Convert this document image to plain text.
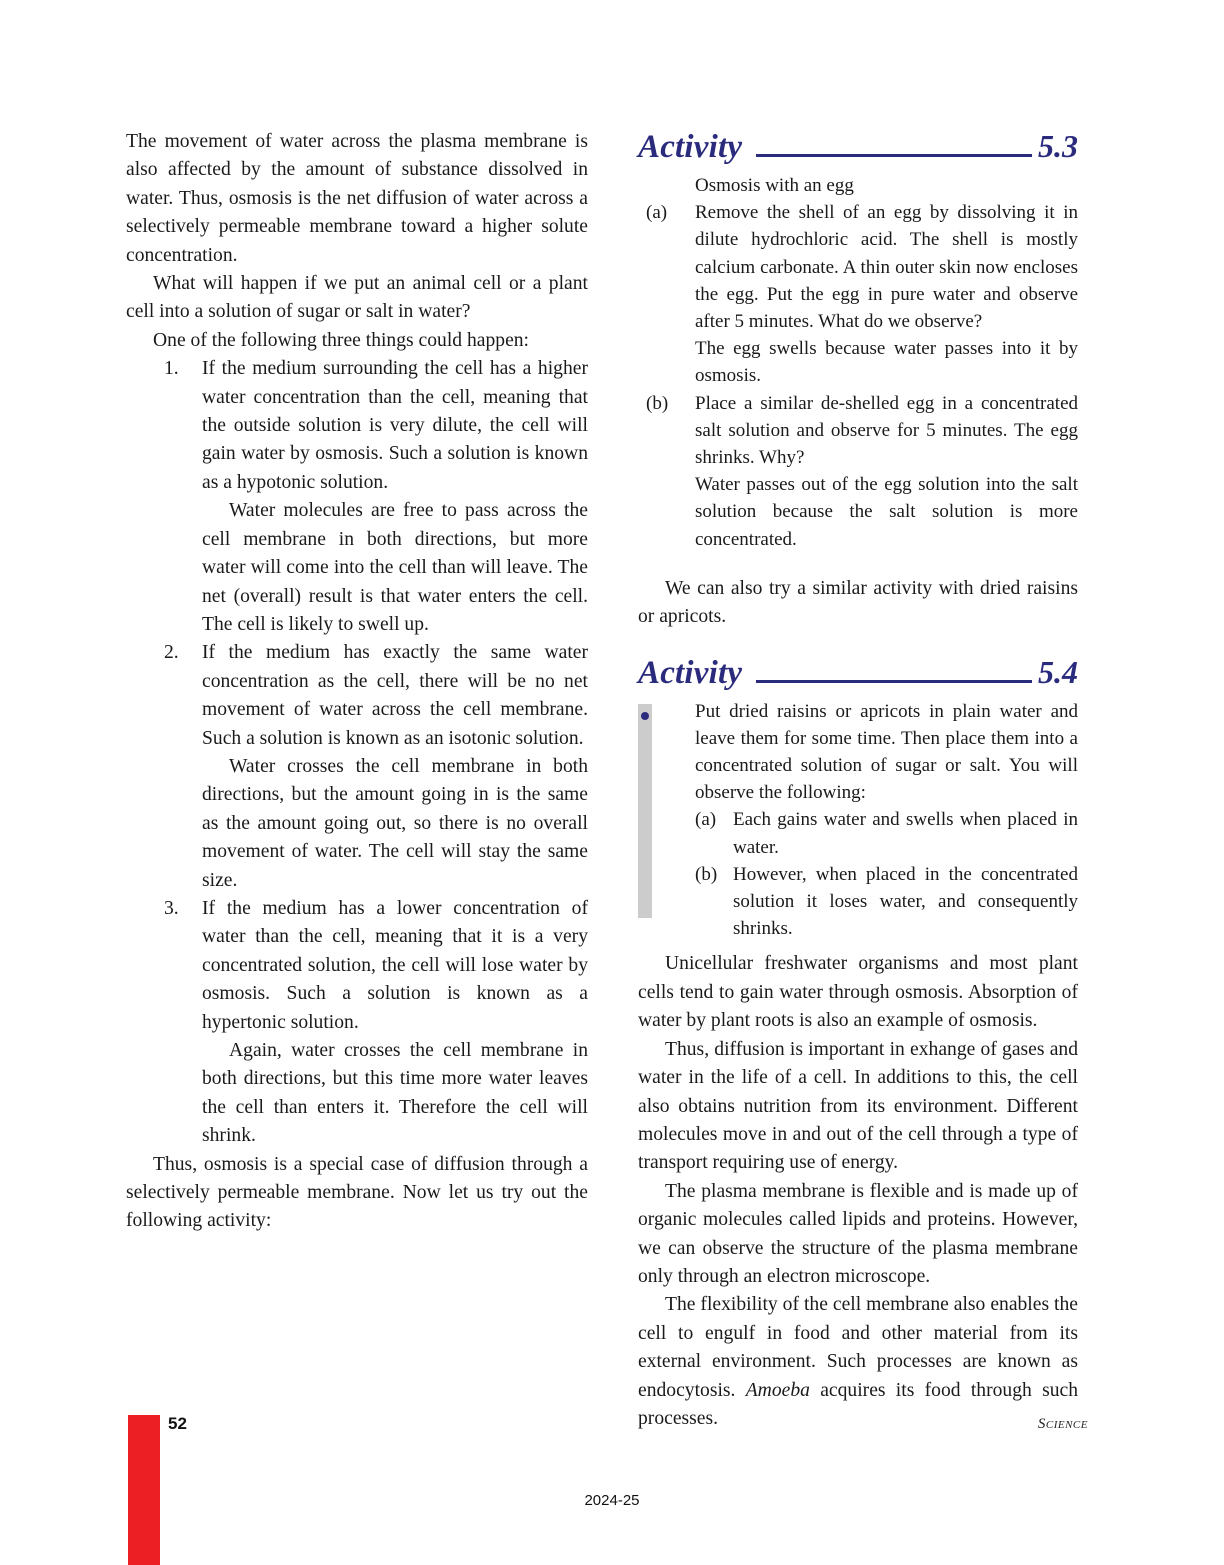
The movement of water across the plasma membrane is also affected by the amount of substance dissolved in water. Thus, osmosis is the net diffusion of water across a selectively permeable membrane toward a higher solute concentration.

What will happen if we put an animal cell or a plant cell into a solution of sugar or salt in water?

One of the following three things could happen:

1. If the medium surrounding the cell has a higher water concentration than the cell, meaning that the outside solution is very dilute, the cell will gain water by osmosis. Such a solution is known as a hypotonic solution.

Water molecules are free to pass across the cell membrane in both directions, but more water will come into the cell than will leave. The net (overall) result is that water enters the cell. The cell is likely to swell up.

2. If the medium has exactly the same water concentration as the cell, there will be no net movement of water across the cell membrane. Such a solution is known as an isotonic solution.

Water crosses the cell membrane in both directions, but the amount going in is the same as the amount going out, so there is no overall movement of water. The cell will stay the same size.

3. If the medium has a lower concentration of water than the cell, meaning that it is a very concentrated solution, the cell will lose water by osmosis. Such a solution is known as a hypertonic solution.

Again, water crosses the cell membrane in both directions, but this time more water leaves the cell than enters it. Therefore the cell will shrink.

Thus, osmosis is a special case of diffusion through a selectively permeable membrane. Now let us try out the following activity:

Activity	5.3

Osmosis with an egg

(a) Remove the shell of an egg by dissolving it in dilute hydrochloric acid. The shell is mostly calcium carbonate. A thin outer skin now encloses the egg. Put the egg in pure water and observe after 5 minutes. What do we observe?

The egg swells because water passes into it by osmosis.

(b) Place a similar de-shelled egg in a concentrated salt solution and observe for 5 minutes. The egg shrinks. Why?

Water passes out of the egg solution into the salt solution because the salt solution is more concentrated.

We can also try a similar activity with dried raisins or apricots.

Activity	5.4

Put dried raisins or apricots in plain water and leave them for some time. Then place them into a concentrated solution of sugar or salt. You will observe the following:

(a) Each gains water and swells when placed in water.

(b) However, when placed in the concentrated solution it loses water, and consequently shrinks.

Unicellular freshwater organisms and most plant cells tend to gain water through osmosis. Absorption of water by plant roots is also an example of osmosis.

Thus, diffusion is important in exhange of gases and water in the life of a cell. In additions to this, the cell also obtains nutrition from its environment. Different molecules move in and out of the cell through a type of transport requiring use of energy.

The plasma membrane is flexible and is made up of organic molecules called lipids and proteins. However, we can observe the structure of the plasma membrane only through an electron microscope.

The flexibility of the cell membrane also enables the cell to engulf in food and other material from its external environment. Such processes are known as endocytosis. Amoeba acquires its food through such processes.

52	Science
2024-25
